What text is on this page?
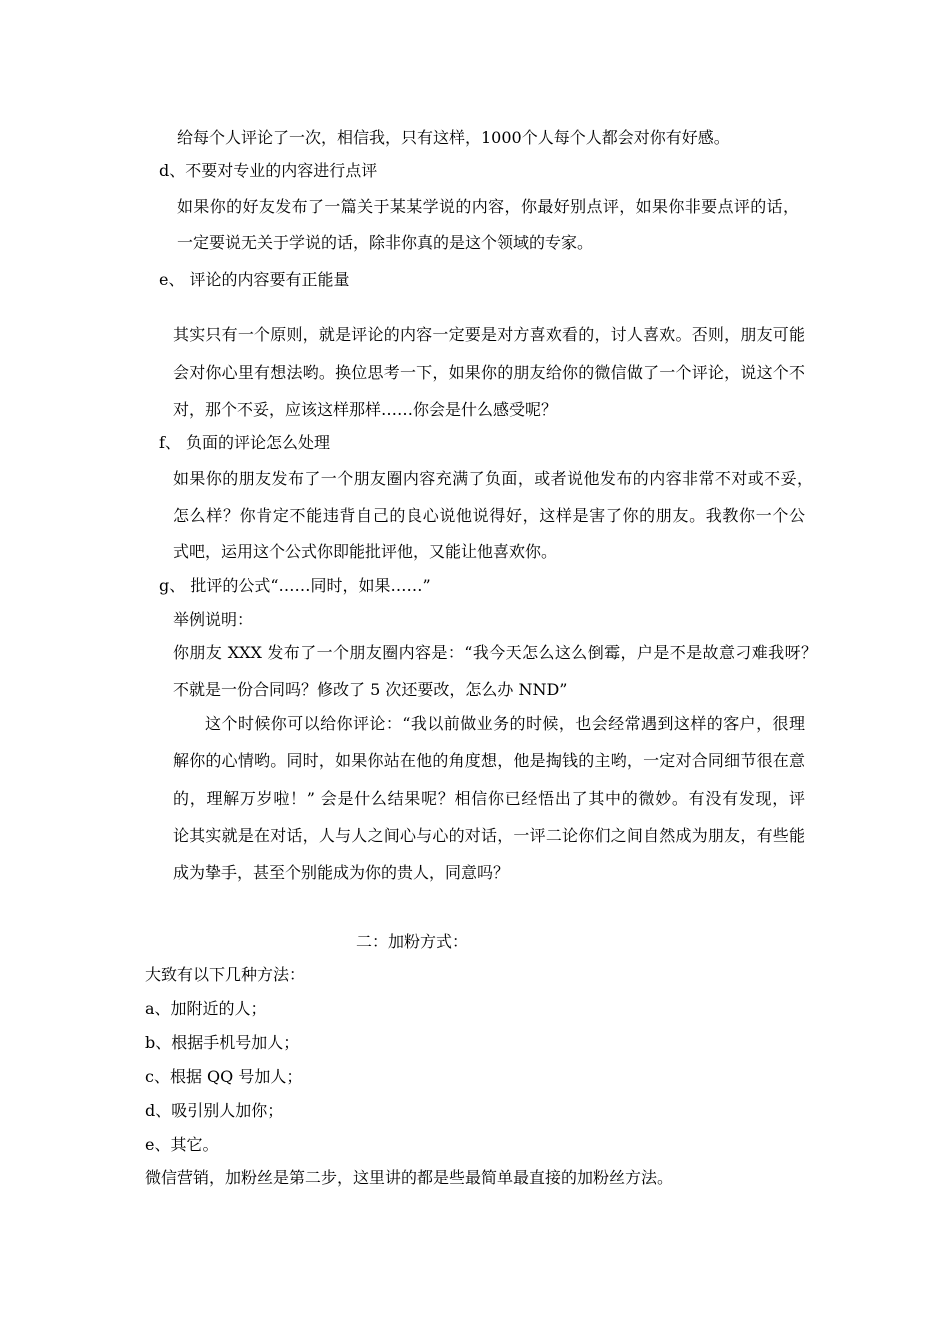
给每个人评论了一次，相信我，只有这样，1000个人每个人都会对你有好感。
d、不要对专业的内容进行点评
如果你的好友发布了一篇关于某某学说的内容，你最好别点评，如果你非要点评的话，
一定要说无关于学说的话，除非你真的是这个领域的专家。
e、 评论的内容要有正能量
其实只有一个原则，就是评论的内容一定要是对方喜欢看的，讨人喜欢。否则，朋友可能
会对你心里有想法哟。换位思考一下，如果你的朋友给你的微信做了一个评论，说这个不
对，那个不妥，应该这样那样……你会是什么感受呢？
f、 负面的评论怎么处理
如果你的朋友发布了一个朋友圈内容充满了负面，或者说他发布的内容非常不对或不妥，
怎么样？你肯定不能违背自己的良心说他说得好，这样是害了你的朋友。我教你一个公
式吧，运用这个公式你即能批评他，又能让他喜欢你。
g、 批评的公式“……同时，如果……”
举例说明：
你朋友 XXX 发布了一个朋友圈内容是：“我今天怎么这么倒霉，户是不是故意刁难我呀？
不就是一份合同吗？修改了 5 次还要改，怎么办 NND”
这个时候你可以给你评论：“我以前做业务的时候，也会经常遇到这样的客户，很理
解你的心情哟。同时，如果你站在他的角度想，他是掏钱的主哟，一定对合同细节很在意
的，理解万岁啦！” 会是什么结果呢？相信你已经悟出了其中的微妙。有没有发现，评
论其实就是在对话，人与人之间心与心的对话，一评二论你们之间自然成为朋友，有些能
成为挚手，甚至个别能成为你的贵人，同意吗？
二：加粉方式：
大致有以下几种方法：
a、加附近的人；
b、根据手机号加人；
c、根据 QQ 号加人；
d、吸引别人加你；
e、其它。
微信营销，加粉丝是第二步，这里讲的都是些最简单最直接的加粉丝方法。
